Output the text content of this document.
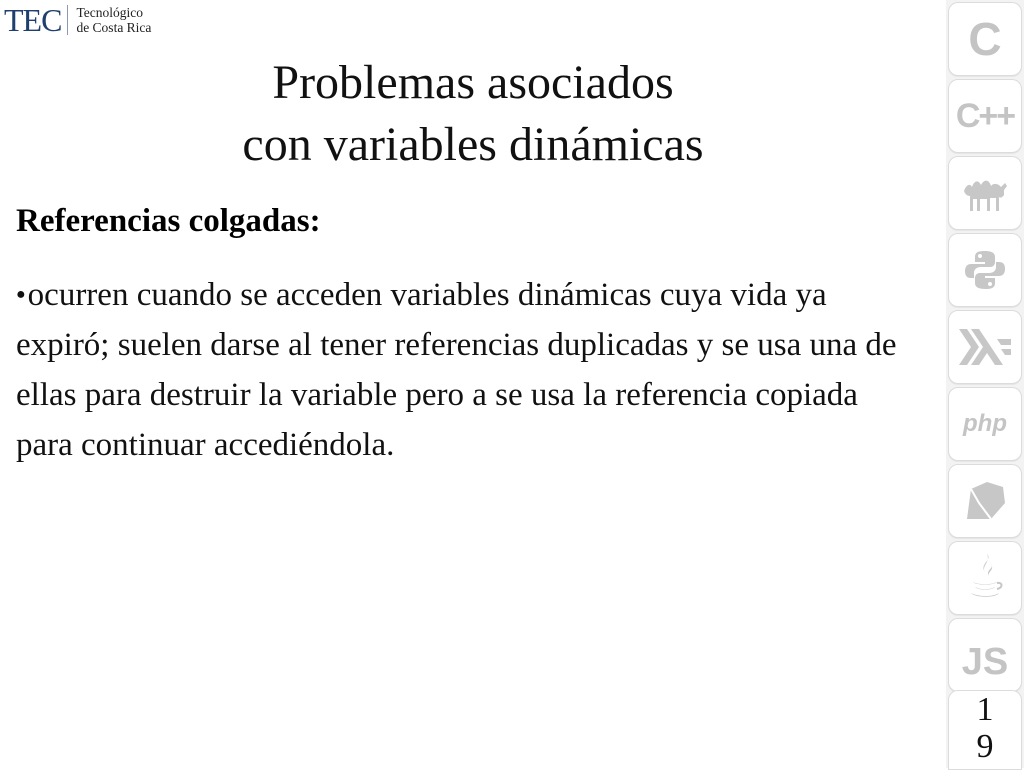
TEC Tecnológico
de Costa Rica
Problemas asociados
con variables dinámicas
Referencias colgadas:
●ocurren cuando se acceden variables dinámicas cuya vida ya expiró; suelen darse al tener referencias duplicadas y se usa una de ellas para destruir la variable pero a se usa la referencia copiada para continuar accediéndola.
C
C++
php
JS
1
9
